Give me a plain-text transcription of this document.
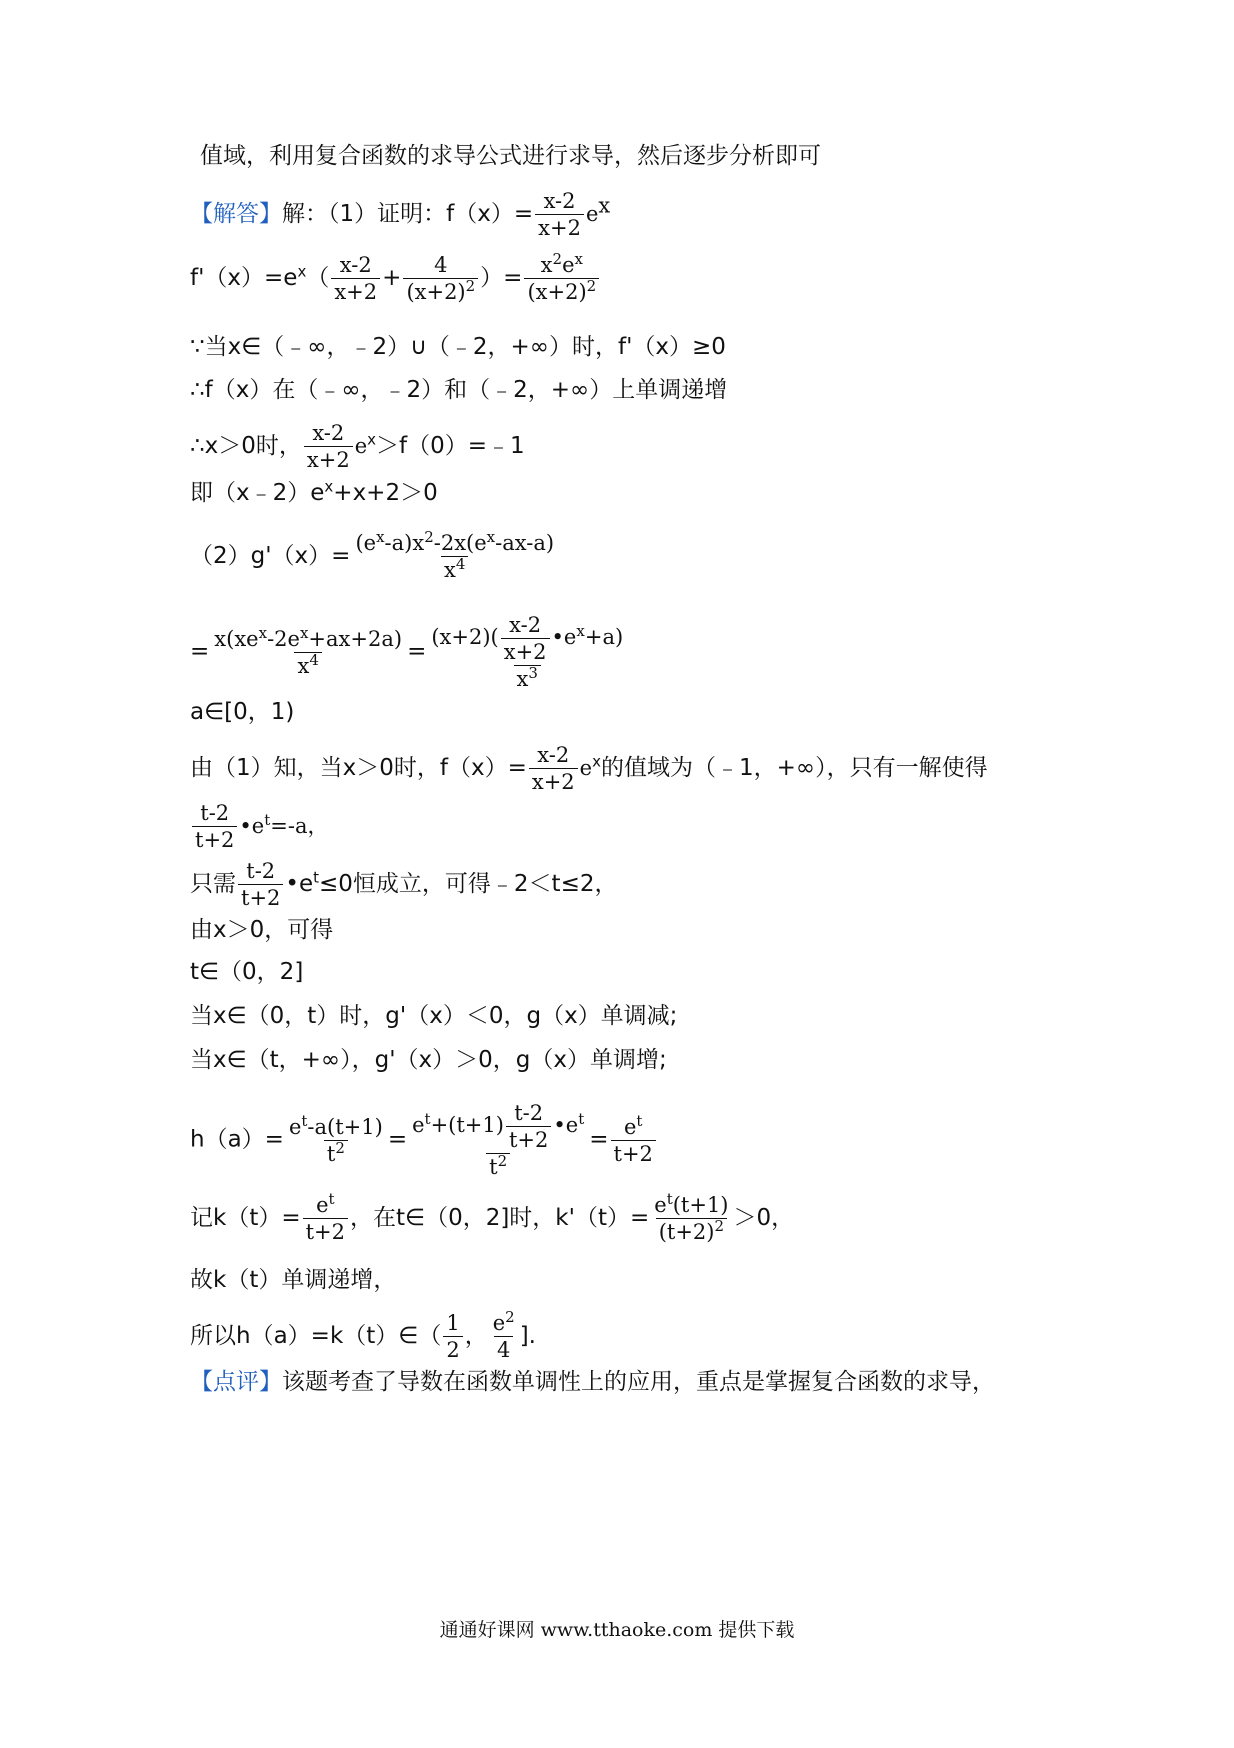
值域，利用复合函数的求导公式进行求导，然后逐步分析即可
【解答】解：（1）证明：$f(x)= \frac{x-2}{x+2} e^x$
$f'(x)=e^x( \frac{x-2}{x+2} + \frac{4}{(x+2)^2}$ ）= $\frac{x^2e^x}{(x+2)^2}$
∵当x∈（﹣∞，﹣2）∪（﹣2，+∞）时，f'（x）≥0
∴f（x）在（﹣∞，﹣2）和（﹣2，+∞）上单调递增
∴x＞0时， $\frac{x-2}{x+2}$ $e^x>f(0)=﹣1$
即$(x﹣2)e^x+x+2>0$
$(2)g'(x)= \frac{(e^x-a)x^2-2x(e^x-ax-a)}{x^4}$
= $x(xe^x-2e^x+ax+2a)$
$x^4$	= $\frac{(x+2)( \frac{x-2}{x+2} •e^x+a)}{x^3}$
a∈[0，1)
由（1）知，当x＞0时，$f(x)= \frac{x-2}{x+2} e^x$的值域为（﹣1，+∞），只有一解使得
$\frac{t-2}{t+2}$ $•e^t=-a$，
只需 $\frac{t-2}{t+2}$ $•e^t\le 0$恒成立，可得﹣2＜t≤2，
由x＞0，可得
t∈（0，2]
当x∈（0，t）时，g'（x）＜0，g（x）单调减;
当x∈（t，+∞），g'（x）＞0，g（x）单调增;
$h(a)= \frac{e^t-a(t+1)}{t^2} = \frac{e^t+(t+1) \frac{t-2}{t+2} •e^t}{t^2} = \frac{e^t}{t+2}$
记$k(t)= \frac{e^t}{t+2}$ ，在t∈（0，2]时，$k'(t)= \frac{e^t(t+1)}{(t+2)^2} >0$，
故k（t）单调递增，
所以h（a）=k（t）∈（ $\frac{1}{2}$ ， $\frac{e^2}{4}$ ].
【点评】该题考查了导数在函数单调性上的应用，重点是掌握复合函数的求导，
通通好课网 www.tthaoke.com 提供下载
